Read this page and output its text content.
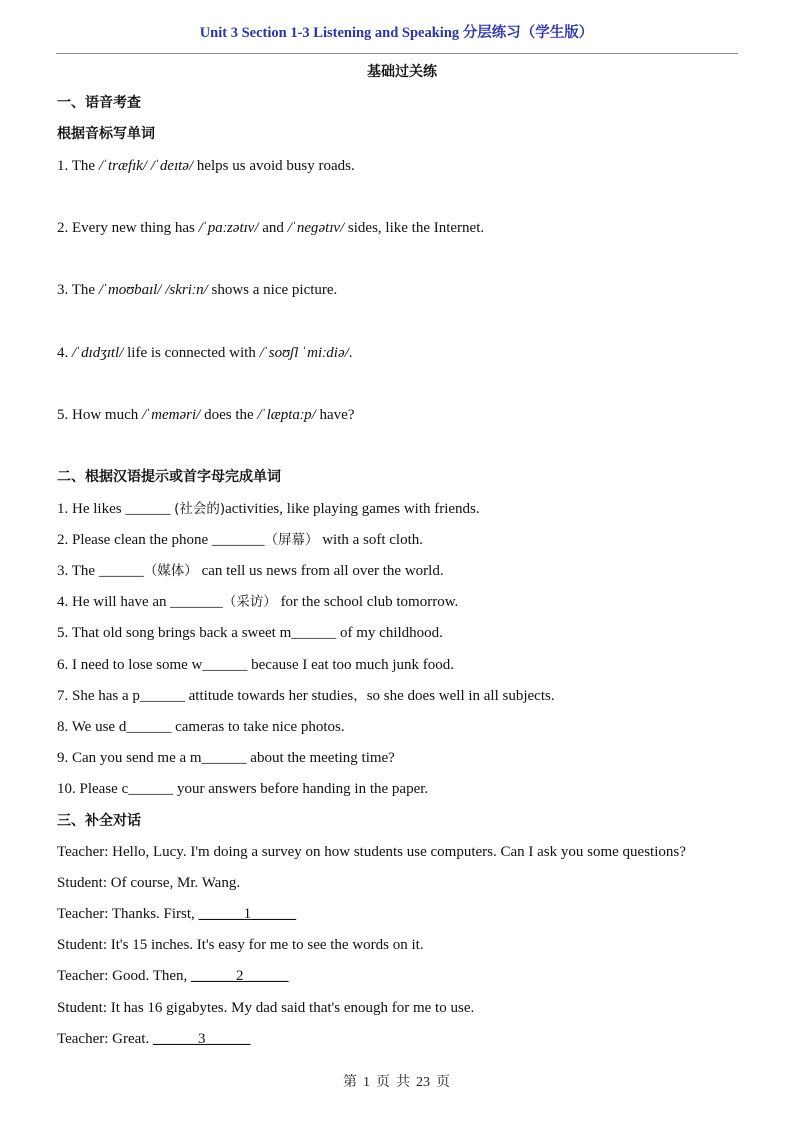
Unit 3 Section 1-3 Listening and Speaking 分层练习（学生版）
基础过关练
一、语音考查
根据音标写单词
1. The /ˈtræfɪk/ /ˈdeɪtə/ helps us avoid busy roads.
2. Every new thing has /ˈpɑːzətɪv/ and /ˈneɡətɪv/ sides, like the Internet.
3. The /ˈmoʊbaɪl/ /skriːn/ shows a nice picture.
4. /ˈdɪdʒɪtl/ life is connected with /ˈsoʊʃl ˈmiːdiə/.
5. How much /ˈmeməri/ does the /ˈlæptɑːp/ have?
二、根据汉语提示或首字母完成单词
1. He likes ______ (社会的)activities, like playing games with friends.
2. Please clean the phone _______（屏幕） with a soft cloth.
3. The ______（媒体） can tell us news from all over the world.
4. He will have an _______（采访） for the school club tomorrow.
5. That old song brings back a sweet m______ of my childhood.
6. I need to lose some w______ because I eat too much junk food.
7. She has a p______ attitude towards her studies，so she does well in all subjects.
8. We use d______ cameras to take nice photos.
9. Can you send me a m______ about the meeting time?
10. Please c______ your answers before handing in the paper.
三、补全对话
Teacher: Hello, Lucy. I'm doing a survey on how students use computers. Can I ask you some questions?
Student: Of course, Mr. Wang.
Teacher: Thanks. First, ______1______
Student: It's 15 inches. It's easy for me to see the words on it.
Teacher: Good. Then, ______2______
Student: It has 16 gigabytes. My dad said that's enough for me to use.
Teacher: Great. ______3______
第 1 页 共 23 页
